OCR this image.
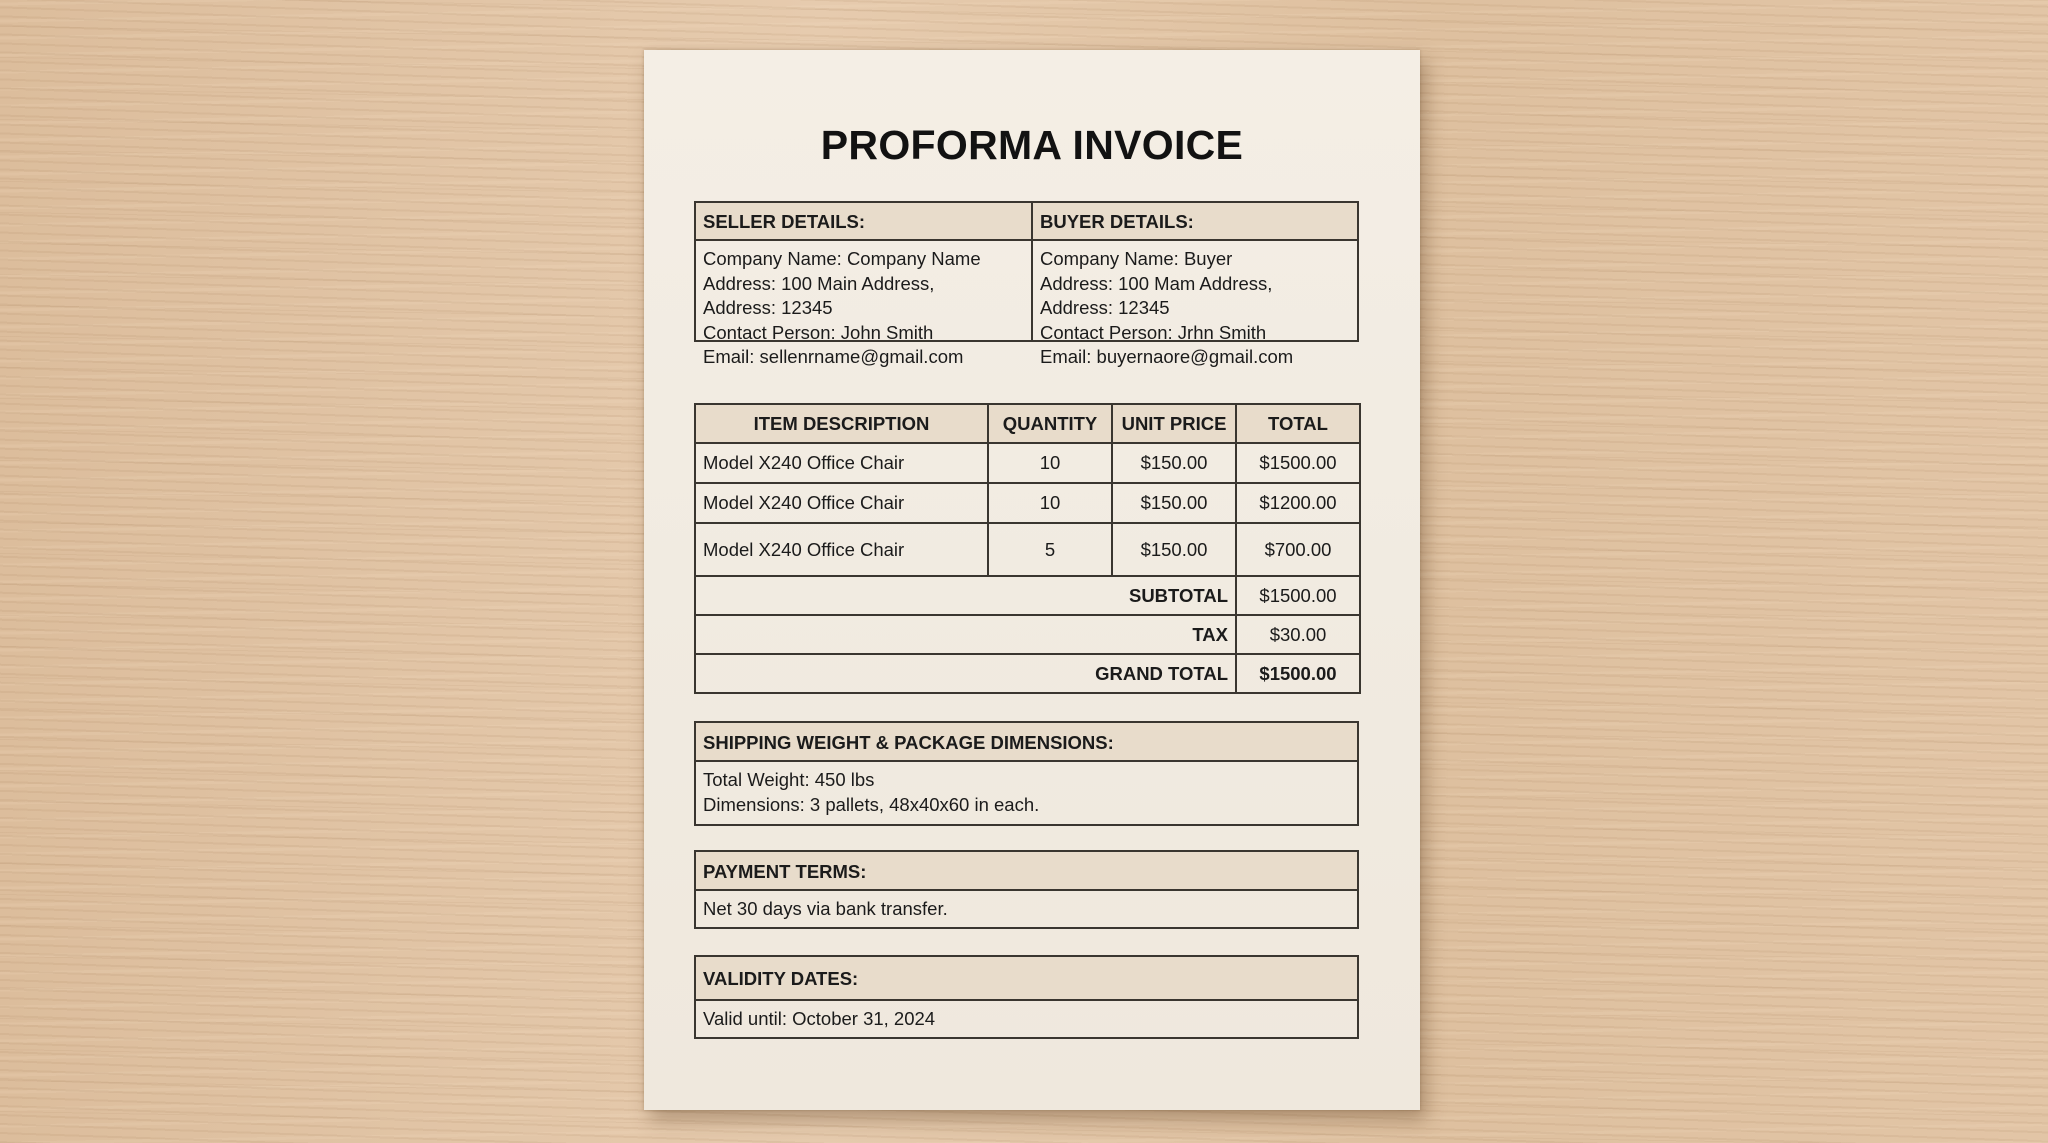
PROFORMA INVOICE
SELLER DETAILS:
Company Name: Company Name
Address: 100 Main Address,
Address: 12345
Contact Person: John Smith
Email: sellenrname@gmail.com
BUYER DETAILS:
Company Name: Buyer
Address: 100 Mam Address,
Address: 12345
Contact Person: Jrhn Smith
Email: buyernaore@gmail.com
ITEM DESCRIPTION	QUANTITY	UNIT PRICE	TOTAL
Model X240 Office Chair	10	$150.00	$1500.00
Model X240 Office Chair	10	$150.00	$1200.00
Model X240 Office Chair	5	$150.00	$700.00
SUBTOTAL			$1500.00
TAX			$30.00
GRAND TOTAL			$1500.00
SHIPPING WEIGHT & PACKAGE DIMENSIONS:
Total Weight: 450 lbs
Dimensions: 3 pallets, 48x40x60 in each.
PAYMENT TERMS:
Net 30 days via bank transfer.
VALIDITY DATES:
Valid until: October 31, 2024
